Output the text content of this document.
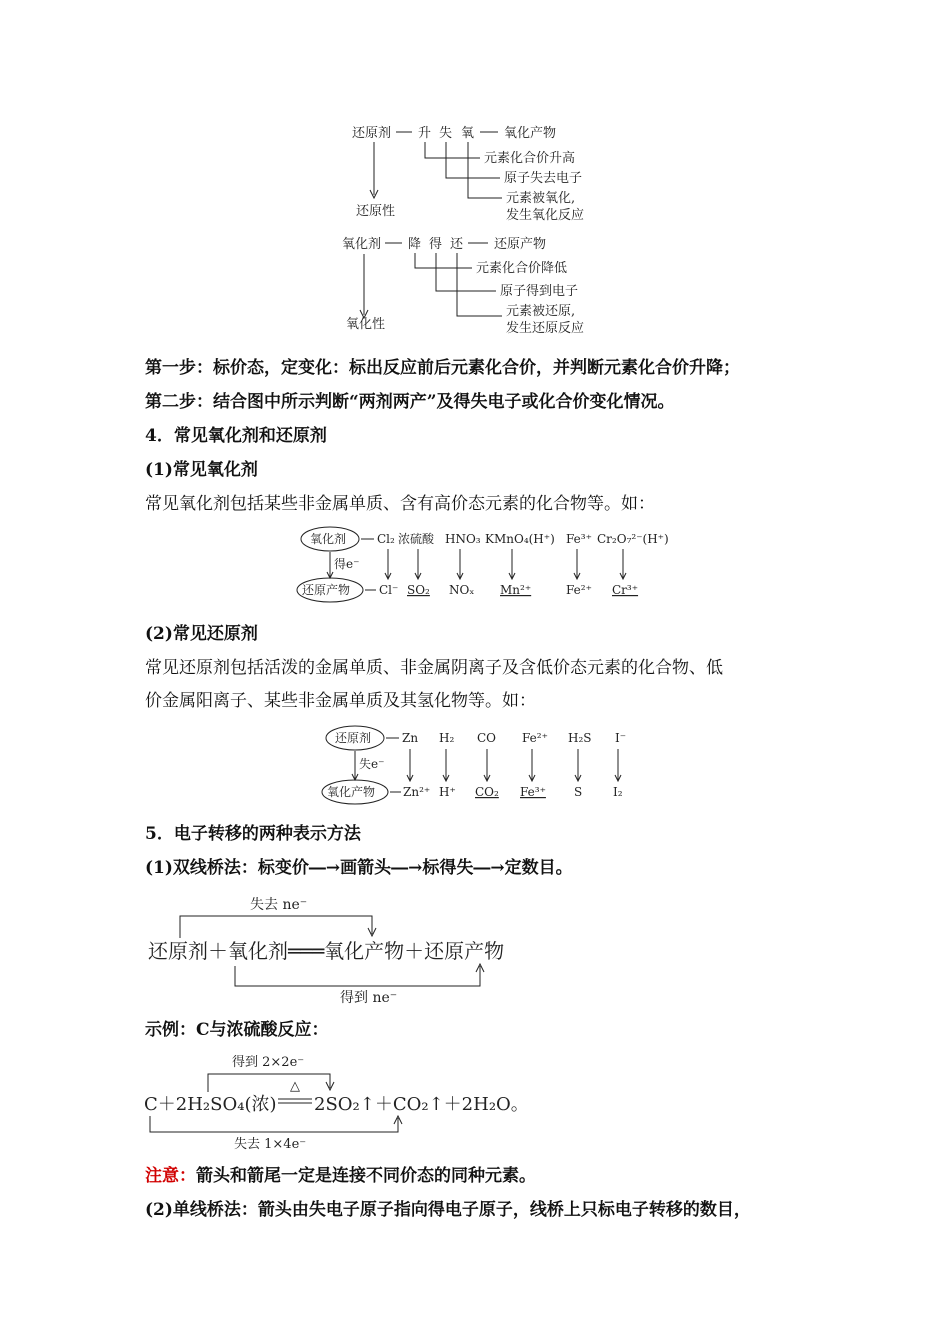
还原剂 升 失 氧 氧化产物
元素化合价升高
原子失去电子
元素被氧化,
发生氧化反应
还原性
氧化剂 降 得 还 还原产物
元素化合价降低
原子得到电子
元素被还原,
发生还原反应
氧化性
第一步：标价态，定变化：标出反应前后元素化合价，并判断元素化合价升降；
第二步：结合图中所示判断“两剂两产”及得失电子或化合价变化情况。
4．常见氧化剂和还原剂
(1)常见氧化剂
常见氧化剂包括某些非金属单质、含有高价态元素的化合物等。如：
氧化剂
得e⁻
还原产物
Cl₂ 浓硫酸 HNO₃ KMnO₄(H⁺) Fe³⁺ Cr₂O₇²⁻(H⁺)
Cl⁻ SO₂ NOₓ Mn²⁺	Fe²⁺ Cr³⁺
(2)常见还原剂
常见还原剂包括活泼的金属单质、非金属阴离子及含低价态元素的化合物、低
价金属阳离子、某些非金属单质及其氢化物等。如：
还原剂
失e⁻
氧化产物
Zn H₂ CO Fe²⁺ H₂S I⁻
Zn²⁺ H⁺ CO₂ Fe³⁺ S	I₂
5．电子转移的两种表示方法
(1)双线桥法：标变价―→画箭头―→标得失―→定数目。
失去 ne⁻
还原剂＋氧化剂═══氧化产物＋还原产物
得到 ne⁻
示例：C与浓硫酸反应：
得到 2×2e⁻
△
C＋2H₂SO₄(浓) 2SO₂↑＋CO₂↑＋2H₂O。
失去 1×4e⁻
注意：箭头和箭尾一定是连接不同价态的同种元素。
(2)单线桥法：箭头由失电子原子指向得电子原子，线桥上只标电子转移的数目，
